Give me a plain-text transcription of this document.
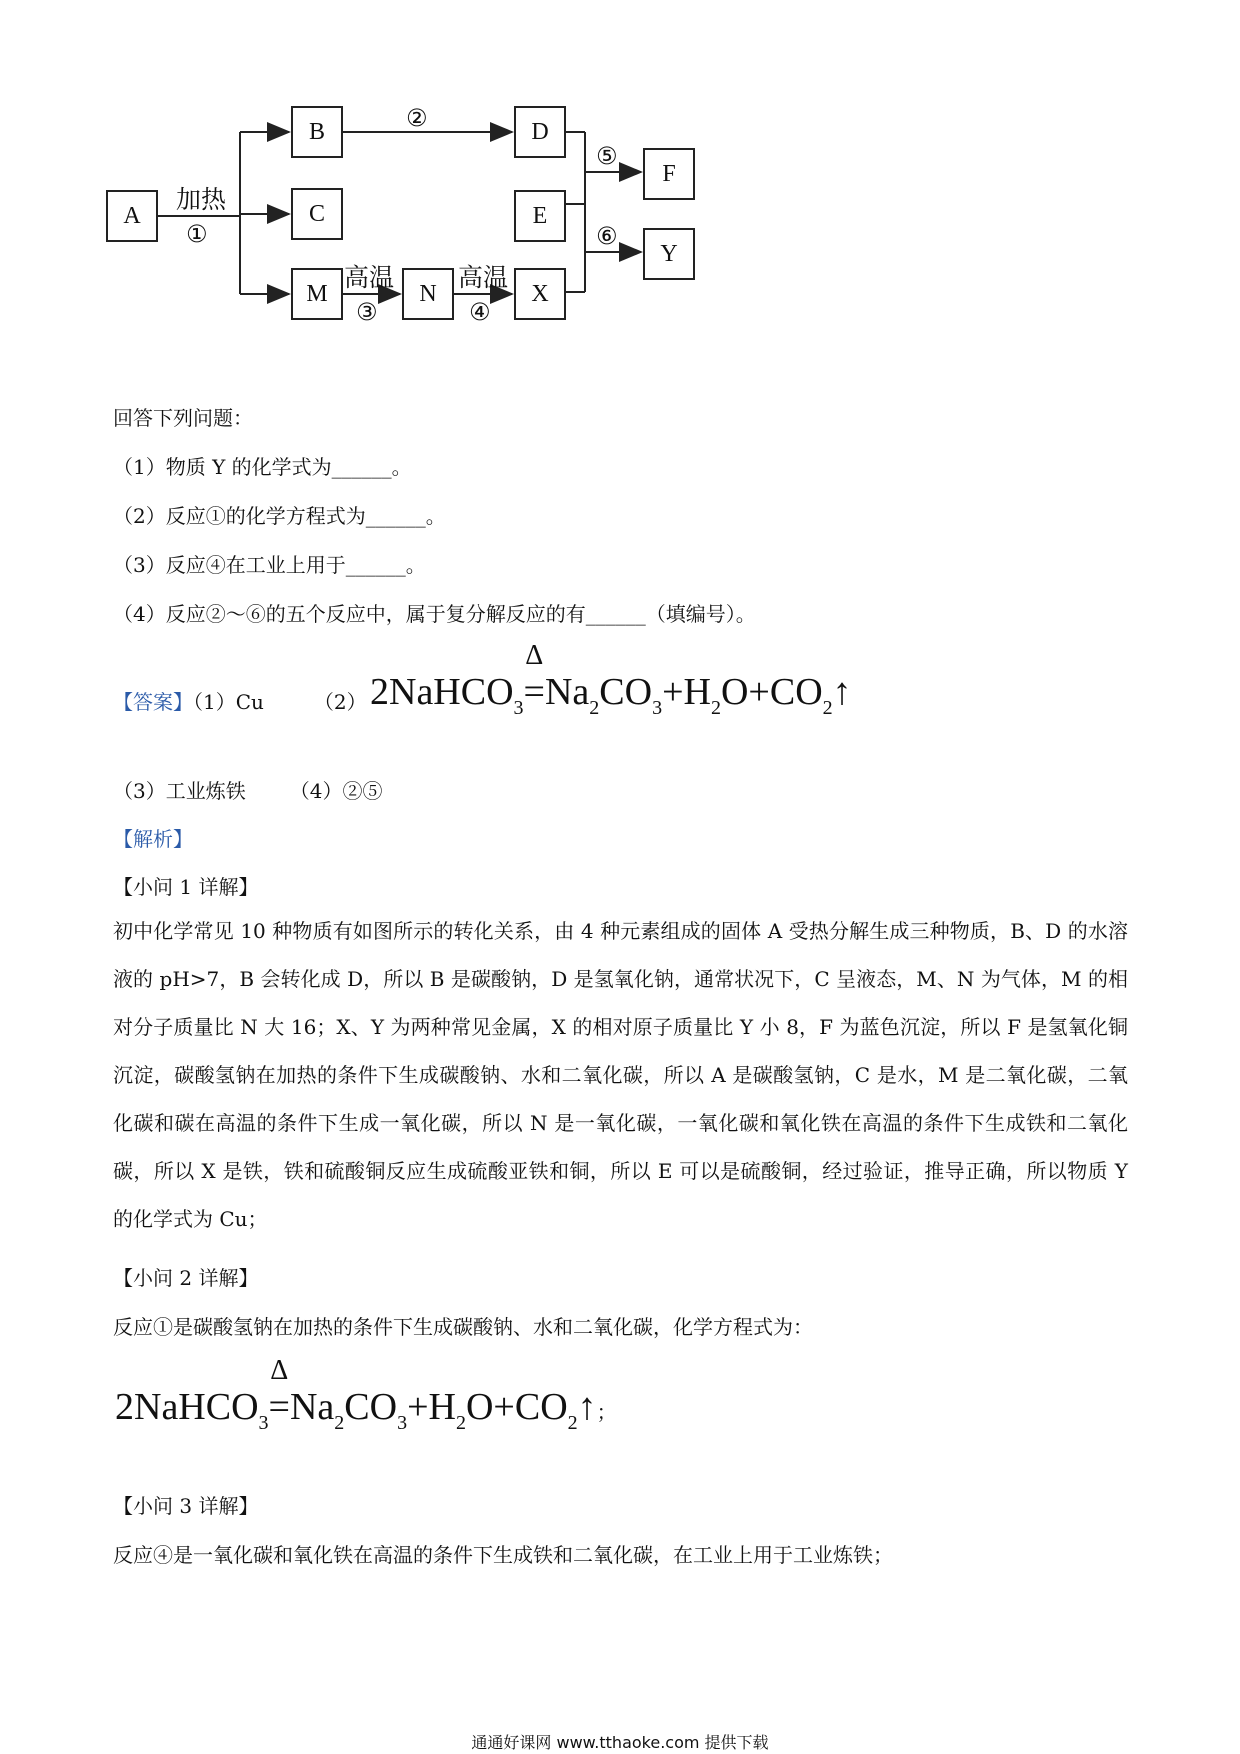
A
B
C
M	N
D
E
X
F
Y
加热
①
②
高温
③
高温
④
⑤
⑥
回答下列问题：
（1）物质 Y 的化学式为______。
（2）反应①的化学方程式为______。
（3）反应④在工业上用于______。
（4）反应②～⑥的五个反应中，属于复分解反应的有______（填编号）。
【答案】（1）Cu	（2） 2NaHCO$_3$
Δ
$=Na_2CO_3+H_2O+CO_2↑$
（3）工业炼铁 （4）②⑤
【解析】
【小问 1 详解】
初中化学常见 10 种物质有如图所示的转化关系，由 4 种元素组成的固体 A 受热分解生成三种物质，B、D 的水溶液的 pH>7，B 会转化成 D，所以 B 是碳酸钠，D 是氢氧化钠，通常状况下，C 呈液态，M、N 为气体，M 的相对分子质量比 N 大 16；X、Y 为两种常见金属，X 的相对原子质量比 Y 小 8，F 为蓝色沉淀，所以 F 是氢氧化铜沉淀，碳酸氢钠在加热的条件下生成碳酸钠、水和二氧化碳，所以 A 是碳酸氢钠，C 是水，M 是二氧化碳，二氧化碳和碳在高温的条件下生成一氧化碳，所以 N 是一氧化碳，一氧化碳和氧化铁在高温的条件下生成铁和二氧化碳，所以 X 是铁，铁和硫酸铜反应生成硫酸亚铁和铜，所以 E 可以是硫酸铜，经过验证，推导正确，所以物质 Y 的化学式为 Cu；
【小问 2 详解】
反应①是碳酸氢钠在加热的条件下生成碳酸钠、水和二氧化碳，化学方程式为：
2NaHCO$_3$
Δ
$=Na_2CO_3+H_2O+CO_2↑$；
【小问 3 详解】
反应④是一氧化碳和氧化铁在高温的条件下生成铁和二氧化碳，在工业上用于工业炼铁；
通通好课网 www.tthaoke.com 提供下载
